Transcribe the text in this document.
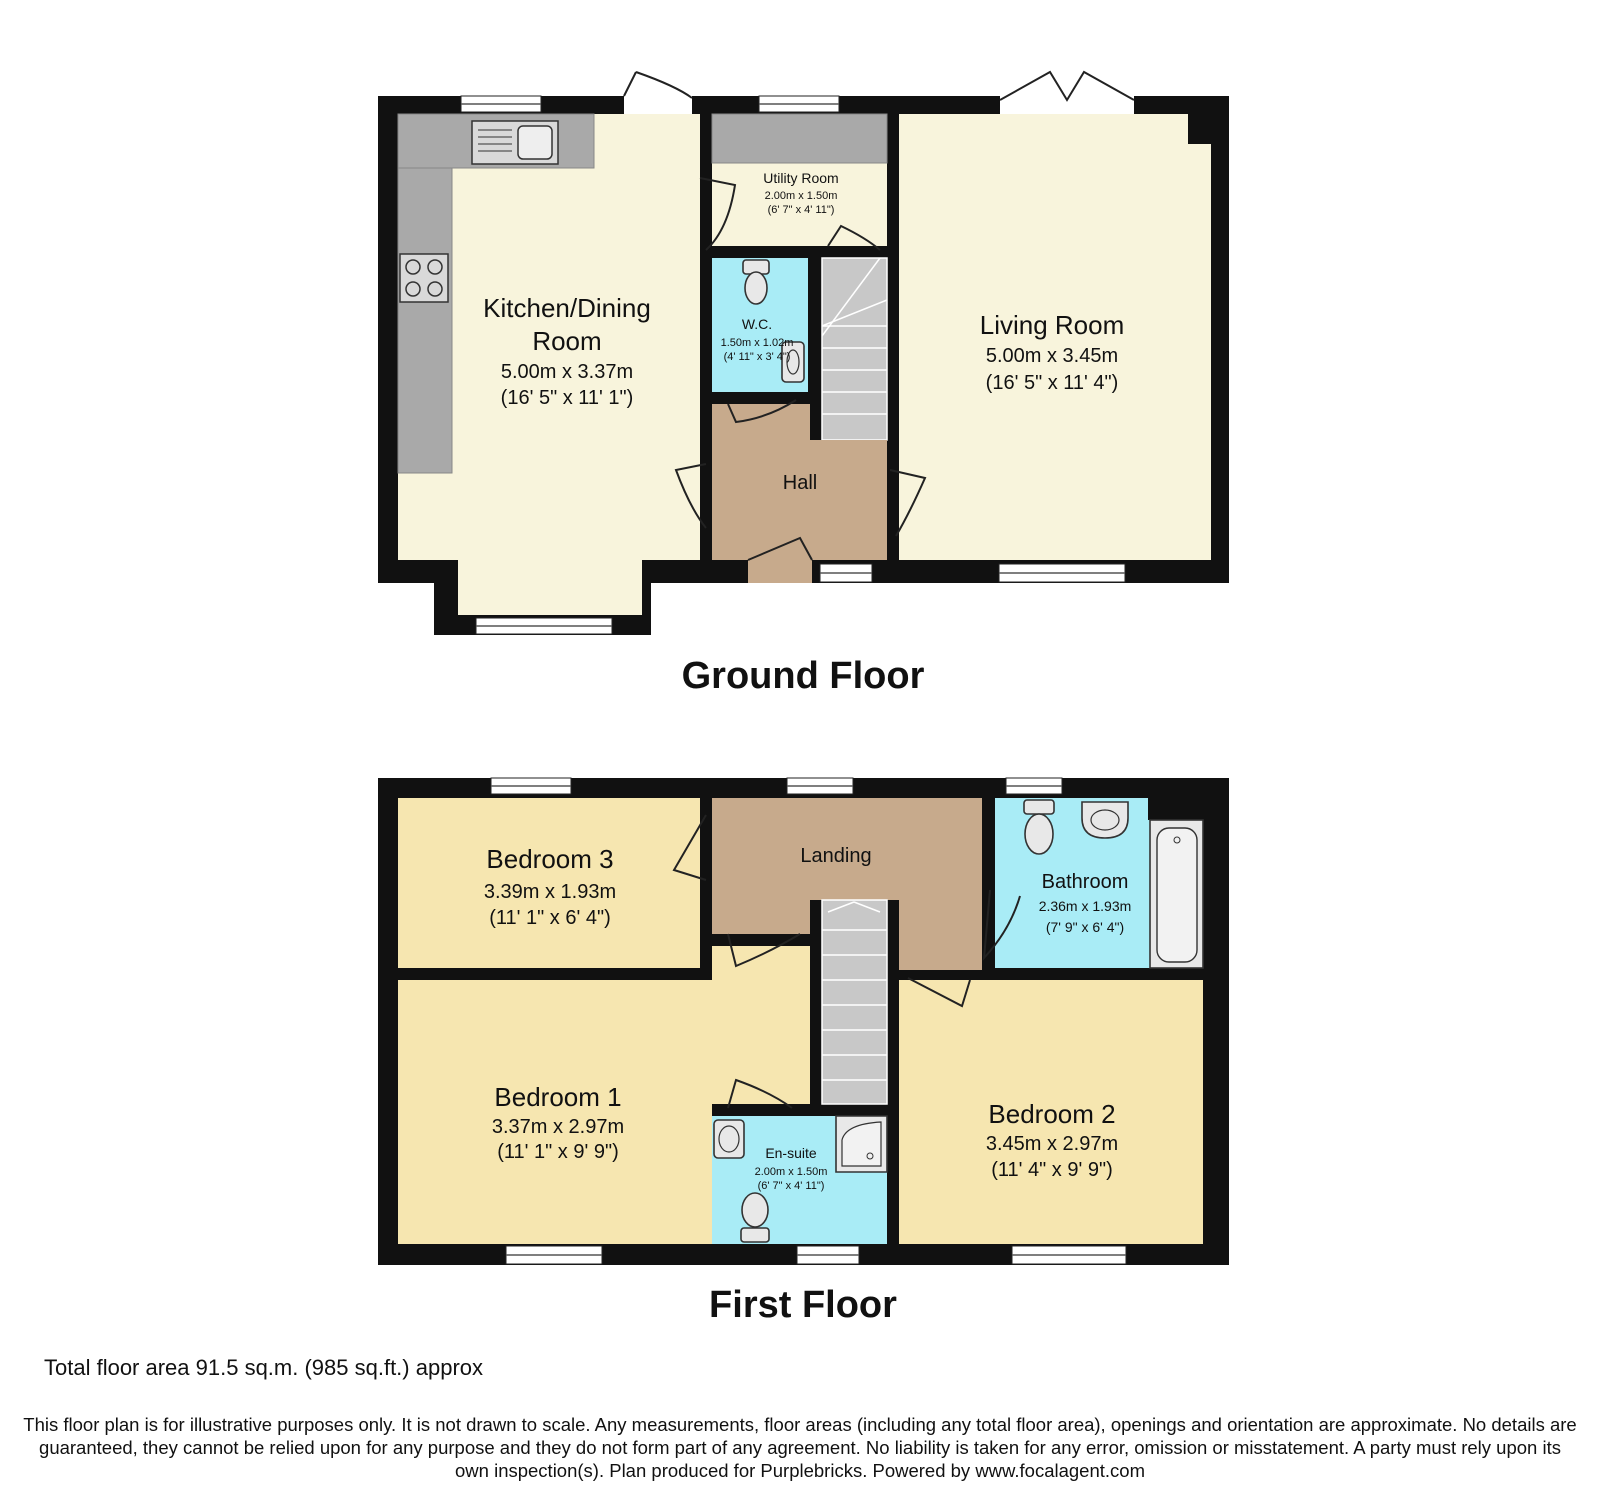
Kitchen/Dining
Room
5.00m x 3.37m
(16' 5" x 11' 1")
Utility Room
2.00m x 1.50m
(6' 7" x 4' 11")
W.C.
1.50m x 1.02m
(4' 11" x 3' 4")
Hall
Living Room
5.00m x 3.45m
(16' 5" x 11' 4")
Ground Floor
Bedroom 3
3.39m x 1.93m
(11' 1" x 6' 4")
Landing
Bathroom
2.36m x 1.93m
(7' 9" x 6' 4")
Bedroom 1
3.37m x 2.97m
(11' 1" x 9' 9")	En-suite
2.00m x 1.50m
(6' 7" x 4' 11")
Bedroom 2
3.45m x 2.97m
(11' 4" x 9' 9")
First Floor
Total floor area 91.5 sq.m. (985 sq.ft.) approx
This floor plan is for illustrative purposes only. It is not drawn to scale. Any measurements, floor areas (including any total floor area), openings and orientation are approximate. No details are guaranteed, they cannot be relied upon for any purpose and they do not form part of any agreement. No liability is taken for any error, omission or misstatement. A party must rely upon its own inspection(s). Plan produced for Purplebricks. Powered by www.focalagent.com
